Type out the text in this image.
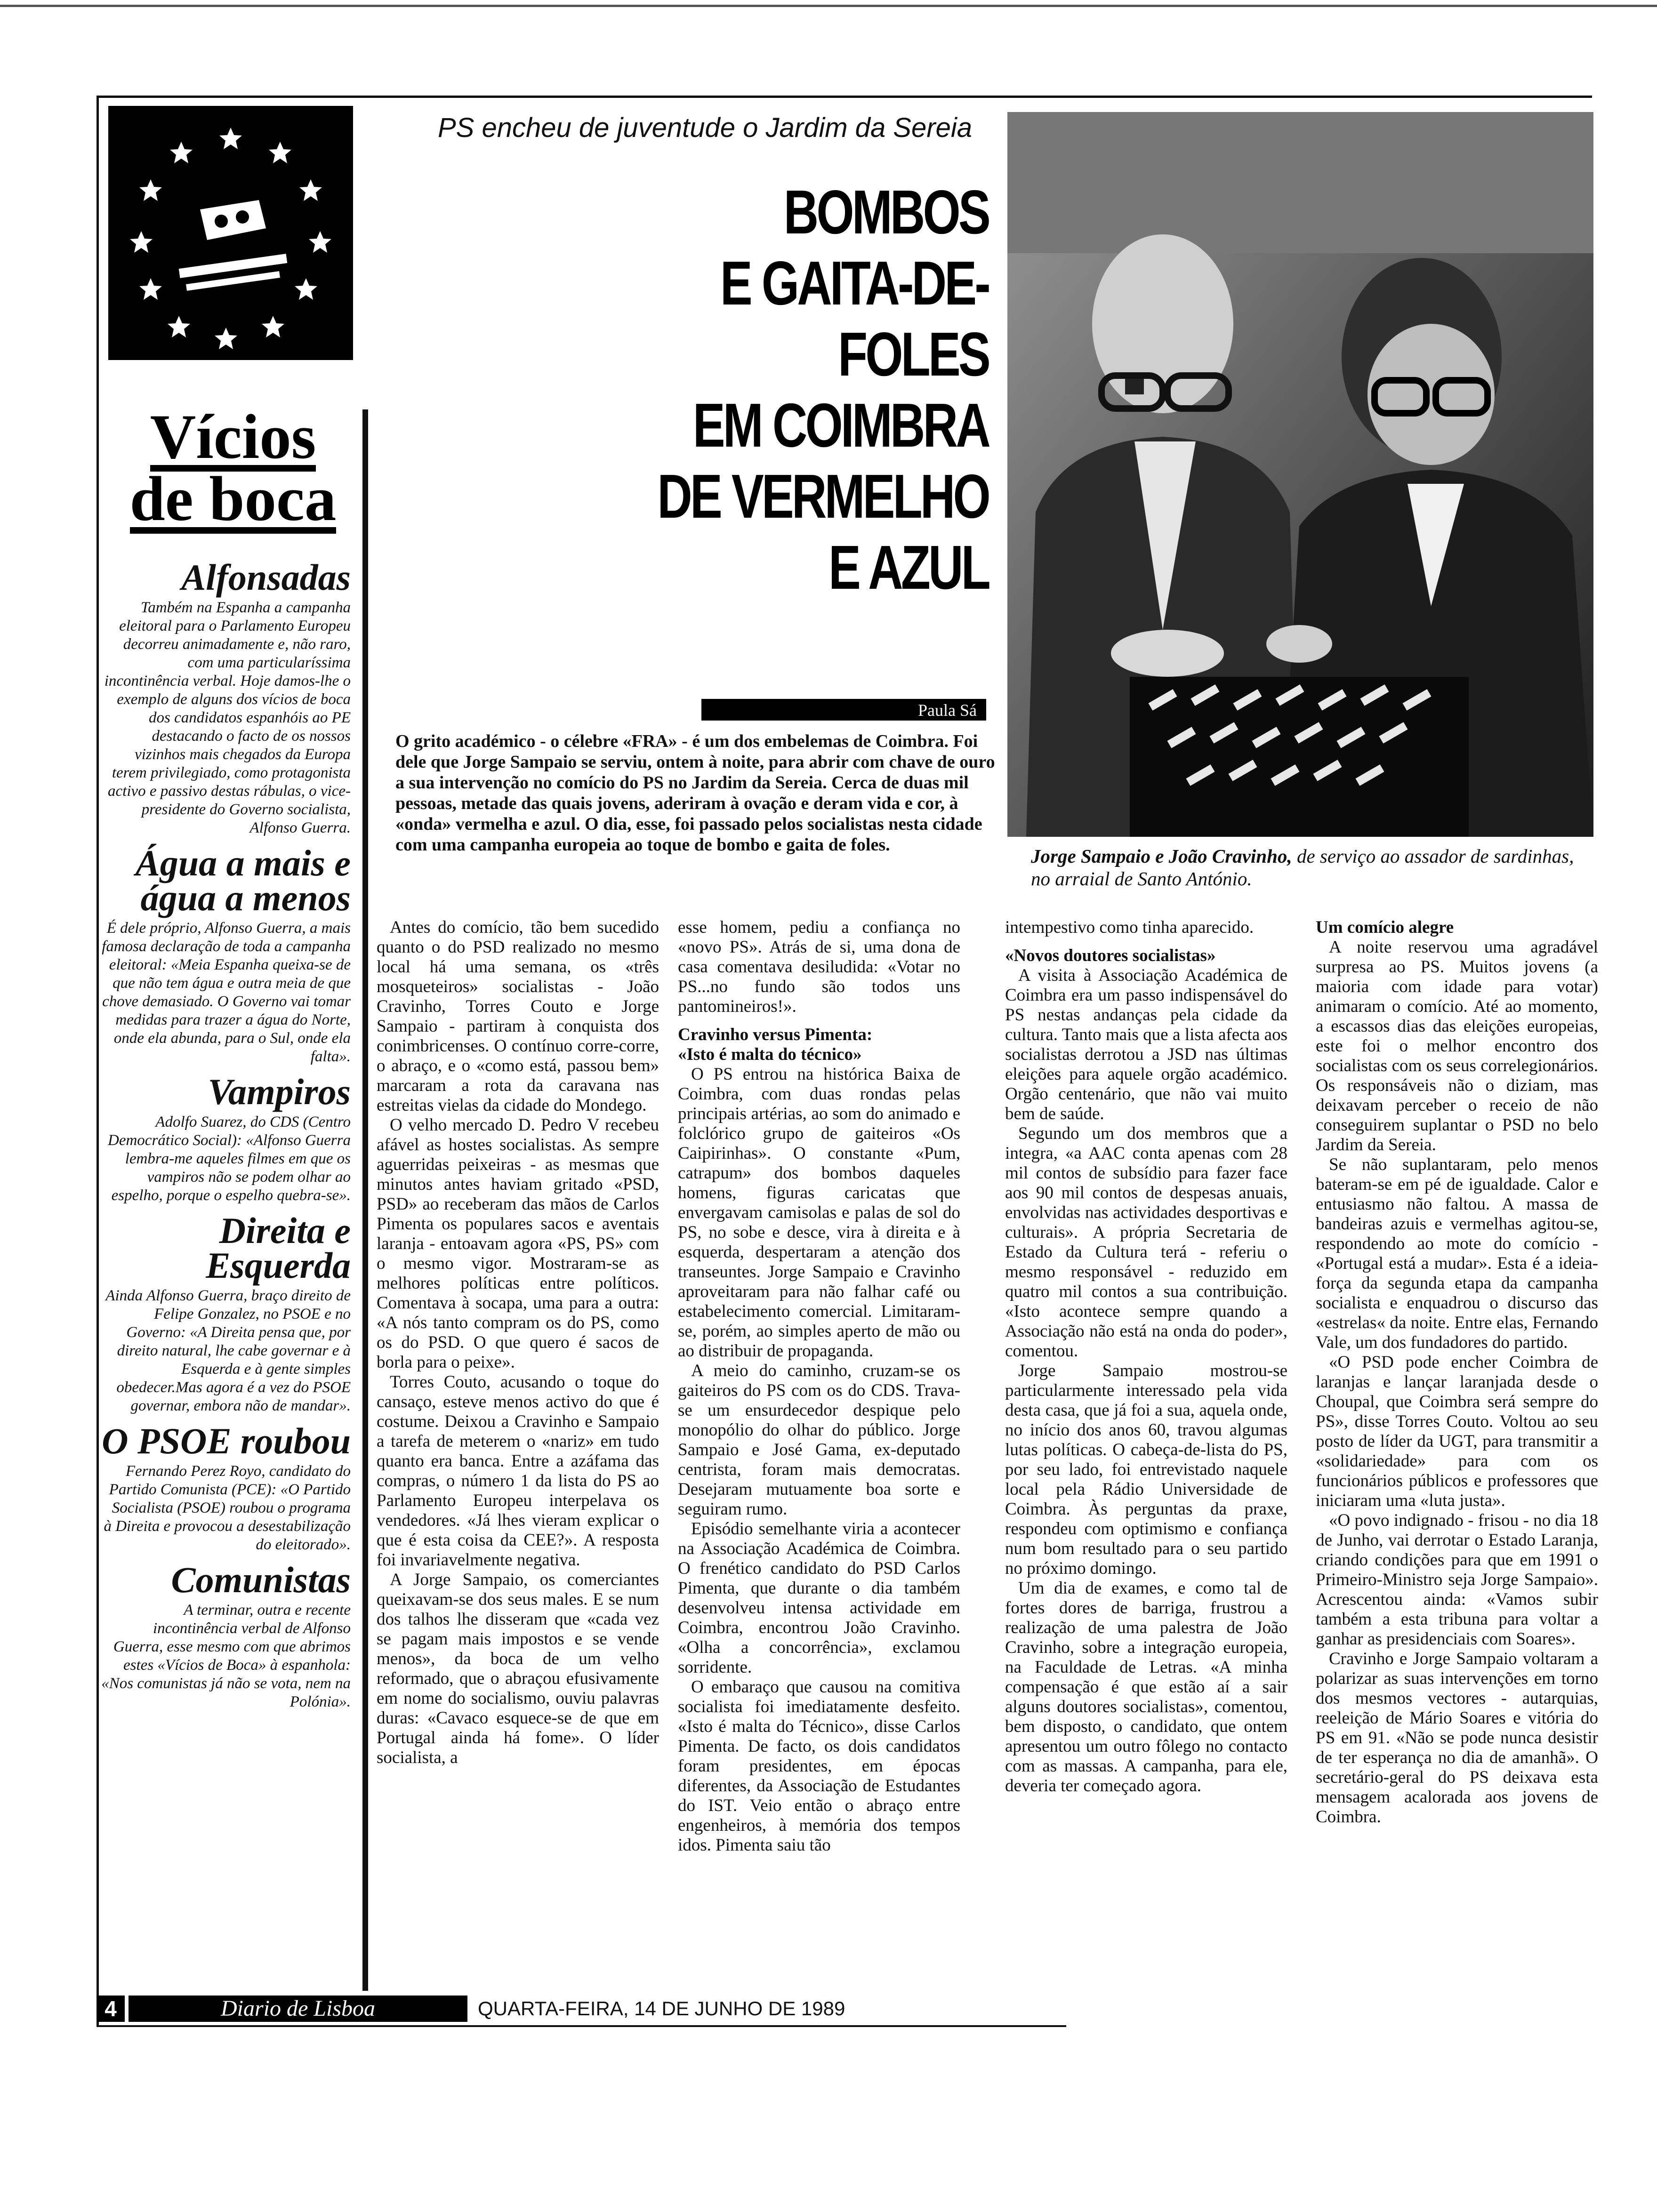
Vícios
de boca

Alfonsadas

Também na Espanha a campanha eleitoral para o Parlamento Europeu decorreu animadamente e, não raro, com uma particularíssima incontinência verbal. Hoje damos-lhe o exemplo de alguns dos vícios de boca dos candidatos espanhóis ao PE destacando o facto de os nossos vizinhos mais chegados da Europa terem privilegiado, como protagonista activo e passivo destas rábulas, o vice-presidente do Governo socialista, Alfonso Guerra.

Água a mais e água a menos

É dele próprio, Alfonso Guerra, a mais famosa declaração de toda a campanha eleitoral: «Meia Espanha queixa-se de que não tem água e outra meia de que chove demasiado. O Governo vai tomar medidas para trazer a água do Norte, onde ela abunda, para o Sul, onde ela falta».

Vampiros

Adolfo Suarez, do CDS (Centro Democrático Social): «Alfonso Guerra lembra-me aqueles filmes em que os vampiros não se podem olhar ao espelho, porque o espelho quebra-se».

Direita e Esquerda

Ainda Alfonso Guerra, braço direito de Felipe Gonzalez, no PSOE e no Governo: «A Direita pensa que, por direito natural, lhe cabe governar e à Esquerda e à gente simples obedecer.Mas agora é a vez do PSOE governar, embora não de mandar».

O PSOE roubou

Fernando Perez Royo, candidato do Partido Comunista (PCE): «O Partido Socialista (PSOE) roubou o programa à Direita e provocou a desestabilização do eleitorado».

Comunistas

A terminar, outra e recente incontinência verbal de Alfonso Guerra, esse mesmo com que abrimos estes «Vícios de Boca» à espanhola: «Nos comunistas já não se vota, nem na Polónia».

PS encheu de juventude o Jardim da Sereia
BOMBOS
E GAITA-DE-FOLES
EM COIMBRA
DE VERMELHO
E AZUL
Paula Sá
O grito académico - o célebre «FRA» - é um dos embelemas de Coimbra. Foi dele que Jorge Sampaio se serviu, ontem à noite, para abrir com chave de ouro a sua intervenção no comício do PS no Jardim da Sereia. Cerca de duas mil pessoas, metade das quais jovens, aderiram à ovação e deram vida e cor, à «onda» vermelha e azul. O dia, esse, foi passado pelos socialistas nesta cidade com uma campanha europeia ao toque de bombo e gaita de foles.
Jorge Sampaio e João Cravinho, de serviço ao assador de sardinhas, no arraial de Santo António.

Antes do comício, tão bem sucedido quanto o do PSD realizado no mesmo local há uma semana, os «três mosqueteiros» socialistas - João Cravinho, Torres Couto e Jorge Sampaio - partiram à conquista dos conimbricenses. O contínuo corre-corre, o abraço, e o «como está, passou bem» marcaram a rota da caravana nas estreitas vielas da cidade do Mondego.

O velho mercado D. Pedro V recebeu afável as hostes socialistas. As sempre aguerridas peixeiras - as mesmas que minutos antes haviam gritado «PSD, PSD» ao receberam das mãos de Carlos Pimenta os populares sacos e aventais laranja - entoavam agora «PS, PS» com o mesmo vigor. Mostraram-se as melhores políticas entre políticos. Comentava à socapa, uma para a outra: «A nós tanto compram os do PS, como os do PSD. O que quero é sacos de borla para o peixe».

Torres Couto, acusando o toque do cansaço, esteve menos activo do que é costume. Deixou a Cravinho e Sampaio a tarefa de meterem o «nariz» em tudo quanto era banca. Entre a azáfama das compras, o número 1 da lista do PS ao Parlamento Europeu interpelava os vendedores. «Já lhes vieram explicar o que é esta coisa da CEE?». A resposta foi invariavelmente negativa.

A Jorge Sampaio, os comerciantes queixavam-se dos seus males. E se num dos talhos lhe disseram que «cada vez se pagam mais impostos e se vende menos», da boca de um velho reformado, que o abraçou efusivamente em nome do socialismo, ouviu palavras duras: «Cavaco esquece-se de que em Portugal ainda há fome». O líder socialista, a

esse homem, pediu a confiança no «novo PS». Atrás de si, uma dona de casa comentava desiludida: «Votar no PS...no fundo são todos uns pantomineiros!».

Cravinho versus Pimenta:
«Isto é malta do técnico»

O PS entrou na histórica Baixa de Coimbra, com duas rondas pelas principais artérias, ao som do animado e folclórico grupo de gaiteiros «Os Caipirinhas». O constante «Pum, catrapum» dos bombos daqueles homens, figuras caricatas que envergavam camisolas e palas de sol do PS, no sobe e desce, vira à direita e à esquerda, despertaram a atenção dos transeuntes. Jorge Sampaio e Cravinho aproveitaram para não falhar café ou estabelecimento comercial. Limitaram-se, porém, ao simples aperto de mão ou ao distribuir de propaganda.

A meio do caminho, cruzam-se os gaiteiros do PS com os do CDS. Trava-se um ensurdecedor despique pelo monopólio do olhar do público. Jorge Sampaio e José Gama, ex-deputado centrista, foram mais democratas. Desejaram mutuamente boa sorte e seguiram rumo.

Episódio semelhante viria a acontecer na Associação Académica de Coimbra. O frenético candidato do PSD Carlos Pimenta, que durante o dia também desenvolveu intensa actividade em Coimbra, encontrou João Cravinho. «Olha a concorrência», exclamou sorridente.

O embaraço que causou na comitiva socialista foi imediatamente desfeito. «Isto é malta do Técnico», disse Carlos Pimenta. De facto, os dois candidatos foram presidentes, em épocas diferentes, da Associação de Estudantes do IST. Veio então o abraço entre engenheiros, à memória dos tempos idos. Pimenta saiu tão

intempestivo como tinha aparecido.

«Novos doutores socialistas»

A visita à Associação Académica de Coimbra era um passo indispensável do PS nestas andanças pela cidade da cultura. Tanto mais que a lista afecta aos socialistas derrotou a JSD nas últimas eleições para aquele orgão académico. Orgão centenário, que não vai muito bem de saúde.

Segundo um dos membros que a integra, «a AAC conta apenas com 28 mil contos de subsídio para fazer face aos 90 mil contos de despesas anuais, envolvidas nas actividades desportivas e culturais». A própria Secretaria de Estado da Cultura terá - referiu o mesmo responsável - reduzido em quatro mil contos a sua contribuição. «Isto acontece sempre quando a Associação não está na onda do poder», comentou.

Jorge Sampaio mostrou-se particularmente interessado pela vida desta casa, que já foi a sua, aquela onde, no início dos anos 60, travou algumas lutas políticas. O cabeça-de-lista do PS, por seu lado, foi entrevistado naquele local pela Rádio Universidade de Coimbra. Às perguntas da praxe, respondeu com optimismo e confiança num bom resultado para o seu partido no próximo domingo.

Um dia de exames, e como tal de fortes dores de barriga, frustrou a realização de uma palestra de João Cravinho, sobre a integração europeia, na Faculdade de Letras. «A minha compensação é que estão aí a sair alguns doutores socialistas», comentou, bem disposto, o candidato, que ontem apresentou um outro fôlego no contacto com as massas. A campanha, para ele, deveria ter começado agora.

Um comício alegre

A noite reservou uma agradável surpresa ao PS. Muitos jovens (a maioria com idade para votar) animaram o comício. Até ao momento, a escassos dias das eleições europeias, este foi o melhor encontro dos socialistas com os seus correlegionários. Os responsáveis não o diziam, mas deixavam perceber o receio de não conseguirem suplantar o PSD no belo Jardim da Sereia.

Se não suplantaram, pelo menos bateram-se em pé de igualdade. Calor e entusiasmo não faltou. A massa de bandeiras azuis e vermelhas agitou-se, respondendo ao mote do comício - «Portugal está a mudar». Esta é a ideia-força da segunda etapa da campanha socialista e enquadrou o discurso das «estrelas« da noite. Entre elas, Fernando Vale, um dos fundadores do partido.

«O PSD pode encher Coimbra de laranjas e lançar laranjada desde o Choupal, que Coimbra será sempre do PS», disse Torres Couto. Voltou ao seu posto de líder da UGT, para transmitir a «solidariedade» para com os funcionários públicos e professores que iniciaram uma «luta justa».

«O povo indignado - frisou - no dia 18 de Junho, vai derrotar o Estado Laranja, criando condições para que em 1991 o Primeiro-Ministro seja Jorge Sampaio». Acrescentou ainda: «Vamos subir também a esta tribuna para voltar a ganhar as presidenciais com Soares».

Cravinho e Jorge Sampaio voltaram a polarizar as suas intervenções em torno dos mesmos vectores - autarquias, reeleição de Mário Soares e vitória do PS em 91. «Não se pode nunca desistir de ter esperança no dia de amanhã». O secretário-geral do PS deixava esta mensagem acalorada aos jovens de Coimbra.

4	Diario de Lisboa	QUARTA-FEIRA, 14 DE JUNHO DE 1989
